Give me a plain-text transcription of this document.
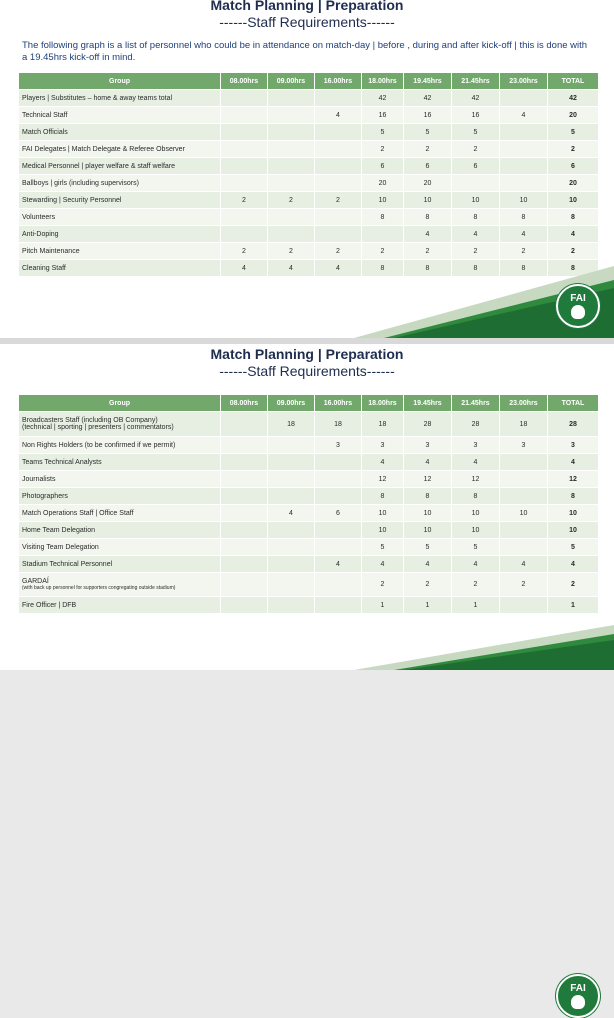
Match Planning | Preparation
------Staff Requirements------
The following graph is a list of personnel who could be in attendance on match-day | before , during and after kick-off | this is done with a 19.45hrs kick-off in mind.
Group	08.00hrs	09.00hrs	16.00hrs	18.00hrs	19.45hrs	21.45hrs	23.00hrs	TOTAL
Players | Substitutes – home & away teams total				42	42	42		42
Technical Staff			4	16	16	16	4	20
Match Officials				5	5	5		5
FAI Delegates | Match Delegate & Referee Observer				2	2	2		2
Medical Personnel | player welfare & staff welfare				6	6	6		6
Ballboys | girls (including supervisors)				20	20			20
Stewarding | Security Personnel	2	2	2	10	10	10	10	10
Volunteers				8	8	8	8	8
Anti-Doping					4	4	4	4
Pitch Maintenance	2	2	2	2	2	2	2	2
Cleaning Staff	4	4	4	8	8	8	8	8
FAI
Match Planning | Preparation
------Staff Requirements------
FAI
Group	08.00hrs	09.00hrs	16.00hrs	18.00hrs	19.45hrs	21.45hrs	23.00hrs	TOTAL

Broadcasters Staff (including OB Company)
(technical | sporting | presenters | commentators)		18	18	18	28	28	18	28
Non Rights Holders (to be confirmed if we permit)			3	3	3	3	3	3
Teams Technical Analysts				4	4	4		4
Journalists				12	12	12		12
Photographers				8	8	8		8
Match Operations Staff | Office Staff		4	6	10	10	10	10	10
Home Team Delegation				10	10	10		10
Visiting Team Delegation				5	5	5		5
Stadium Technical Personnel			4	4	4	4	4	4
GARDAÍ
(with back up personnel for supporters congregating outside stadium)				2	2	2	2	2
Fire Officer | DFB				1	1	1		1
